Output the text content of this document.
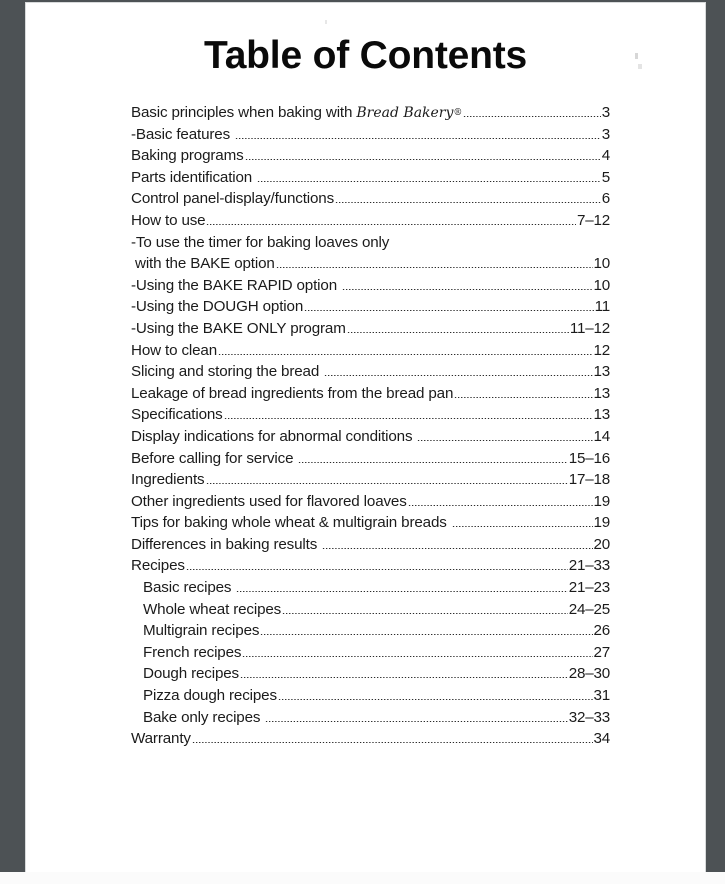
Table of Contents
Basic principles when baking with Bread Bakery®	3
-Basic features	3
Baking programs	4
Parts identification	5
Control panel-display/functions	6
How to use	7–12
-To use the timer for baking loaves only
with the BAKE option	10
-Using the BAKE RAPID option	10
-Using the DOUGH option	11
-Using the BAKE ONLY program	11–12
How to clean	12
Slicing and storing the bread	13
Leakage of bread ingredients from the bread pan	13
Specifications	13
Display indications for abnormal conditions	14
Before calling for service	15–16
Ingredients	17–18
Other ingredients used for flavored loaves	19
Tips for baking whole wheat & multigrain breads	19
Differences in baking results	20
Recipes	21–33
Basic recipes	21–23
Whole wheat recipes	24–25
Multigrain recipes	26
French recipes	27
Dough recipes	28–30
Pizza dough recipes	31
Bake only recipes	32–33
Warranty	34
